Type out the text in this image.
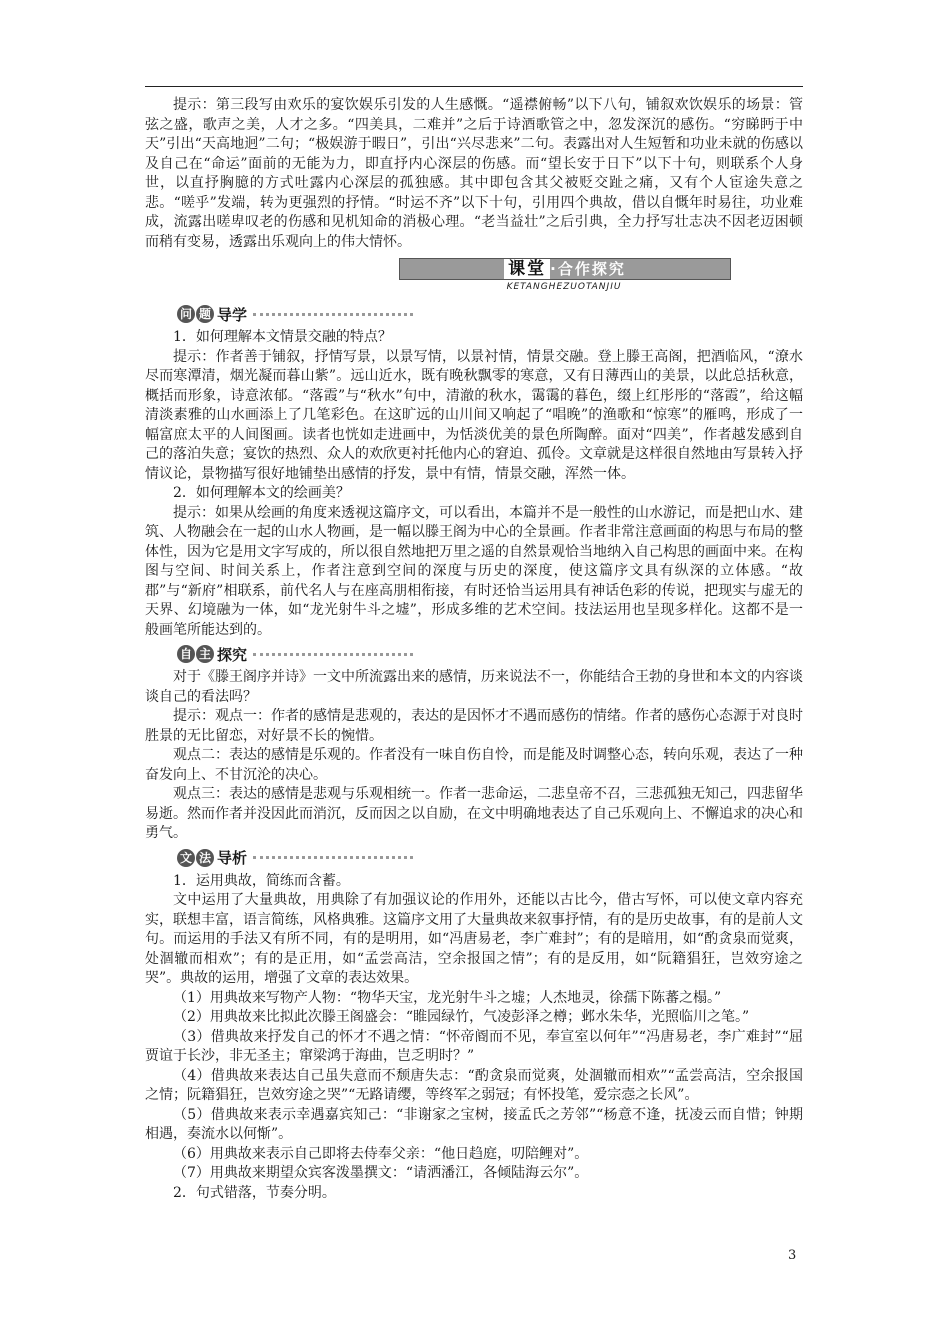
提示：第三段写由欢乐的宴饮娱乐引发的人生感慨。“遥襟俯畅”以下八句，铺叙欢饮娱乐的场景：管弦之盛，歌声之美，人才之多。“四美具，二难并”之后于诗酒歌管之中，忽发深沉的感伤。“穷睇眄于中天”引出“天高地迥”二句；“极娱游于暇日”，引出“兴尽悲来”二句。表露出对人生短暂和功业未就的伤感以及自己在“命运”面前的无能为力，即直抒内心深层的伤感。而“望长安于日下”以下十句，则联系个人身世，以直抒胸臆的方式吐露内心深层的孤独感。其中即包含其父被贬交趾之痛，又有个人宦途失意之悲。“嗟乎”发端，转为更强烈的抒情。“时运不齐”以下十句，引用四个典故，借以自慨年时易往，功业难成，流露出嗟卑叹老的伤感和见机知命的消极心理。“老当益壮”之后引典，全力抒写壮志决不因老迈困顿而稍有变易，透露出乐观向上的伟大情怀。

课堂 ·合作探究
KETANGHEZUOTANJIU
问 题 导学

1．如何理解本文情景交融的特点？

提示：作者善于铺叙，抒情写景，以景写情，以景衬情，情景交融。登上滕王高阁，把酒临风，“潦水尽而寒潭清，烟光凝而暮山紫”。远山近水，既有晚秋飘零的寒意，又有日薄西山的美景，以此总括秋意，概括而形象，诗意浓郁。“落霞”与“秋水”句中，清澈的秋水，霭霭的暮色，缀上红彤彤的“落霞”，给这幅清淡素雅的山水画添上了几笔彩色。在这旷远的山川间又响起了“唱晚”的渔歌和“惊寒”的雁鸣，形成了一幅富庶太平的人间图画。读者也恍如走进画中，为恬淡优美的景色所陶醉。面对“四美”，作者越发感到自己的落泊失意；宴饮的热烈、众人的欢欣更衬托他内心的窘迫、孤伶。文章就是这样很自然地由写景转入抒情议论，景物描写很好地铺垫出感情的抒发，景中有情，情景交融，浑然一体。

2．如何理解本文的绘画美？

提示：如果从绘画的角度来透视这篇序文，可以看出，本篇并不是一般性的山水游记，而是把山水、建筑、人物融会在一起的山水人物画，是一幅以滕王阁为中心的全景画。作者非常注意画面的构思与布局的整体性，因为它是用文字写成的，所以很自然地把万里之遥的自然景观恰当地纳入自己构思的画面中来。在构图与空间、时间关系上，作者注意到空间的深度与历史的深度，使这篇序文具有纵深的立体感。“故郡”与“新府”相联系，前代名人与在座高朋相衔接，有时还恰当运用具有神话色彩的传说，把现实与虚无的天界、幻境融为一体，如“龙光射牛斗之墟”，形成多维的艺术空间。技法运用也呈现多样化。这都不是一般画笔所能达到的。

自 主 探究

对于《滕王阁序并诗》一文中所流露出来的感情，历来说法不一，你能结合王勃的身世和本文的内容谈谈自己的看法吗？

提示：观点一：作者的感情是悲观的，表达的是因怀才不遇而感伤的情绪。作者的感伤心态源于对良时胜景的无比留恋，对好景不长的惋惜。

观点二：表达的感情是乐观的。作者没有一味自伤自怜，而是能及时调整心态，转向乐观，表达了一种奋发向上、不甘沉沦的决心。

观点三：表达的感情是悲观与乐观相统一。作者一悲命运，二悲皇帝不召，三悲孤独无知己，四悲留华易逝。然而作者并没因此而消沉，反而因之以自励，在文中明确地表达了自己乐观向上、不懈追求的决心和勇气。

文 法 导析

1．运用典故，简练而含蓄。

文中运用了大量典故，用典除了有加强议论的作用外，还能以古比今，借古写怀，可以使文章内容充实，联想丰富，语言简练，风格典雅。这篇序文用了大量典故来叙事抒情，有的是历史故事，有的是前人文句。而运用的手法又有所不同，有的是明用，如“冯唐易老，李广难封”；有的是暗用，如“酌贪泉而觉爽，处涸辙而相欢”；有的是正用，如“孟尝高洁，空余报国之情”；有的是反用，如“阮籍猖狂，岂效穷途之哭”。典故的运用，增强了文章的表达效果。

（1）用典故来写物产人物：“物华天宝，龙光射牛斗之墟；人杰地灵，徐孺下陈蕃之榻。”

（2）用典故来比拟此次滕王阁盛会：“睢园绿竹，气凌彭泽之樽；邺水朱华，光照临川之笔。”

（3）借典故来抒发自己的怀才不遇之情：“怀帝阍而不见，奉宣室以何年”“冯唐易老，李广难封”“屈贾谊于长沙，非无圣主；窜梁鸿于海曲，岂乏明时？”

（4）借典故来表达自己虽失意而不颓唐失志：“酌贪泉而觉爽，处涸辙而相欢”“孟尝高洁，空余报国之情；阮籍猖狂，岂效穷途之哭”“无路请缨，等终军之弱冠；有怀投笔，爱宗悫之长风”。

（5）借典故来表示幸遇嘉宾知己：“非谢家之宝树，接孟氏之芳邻”“杨意不逢，抚凌云而自惜；钟期相遇，奏流水以何惭”。

（6）用典故来表示自己即将去侍奉父亲：“他日趋庭，叨陪鲤对”。

（7）用典故来期望众宾客泼墨撰文：“请洒潘江，各倾陆海云尔”。

2．句式错落，节奏分明。

3
